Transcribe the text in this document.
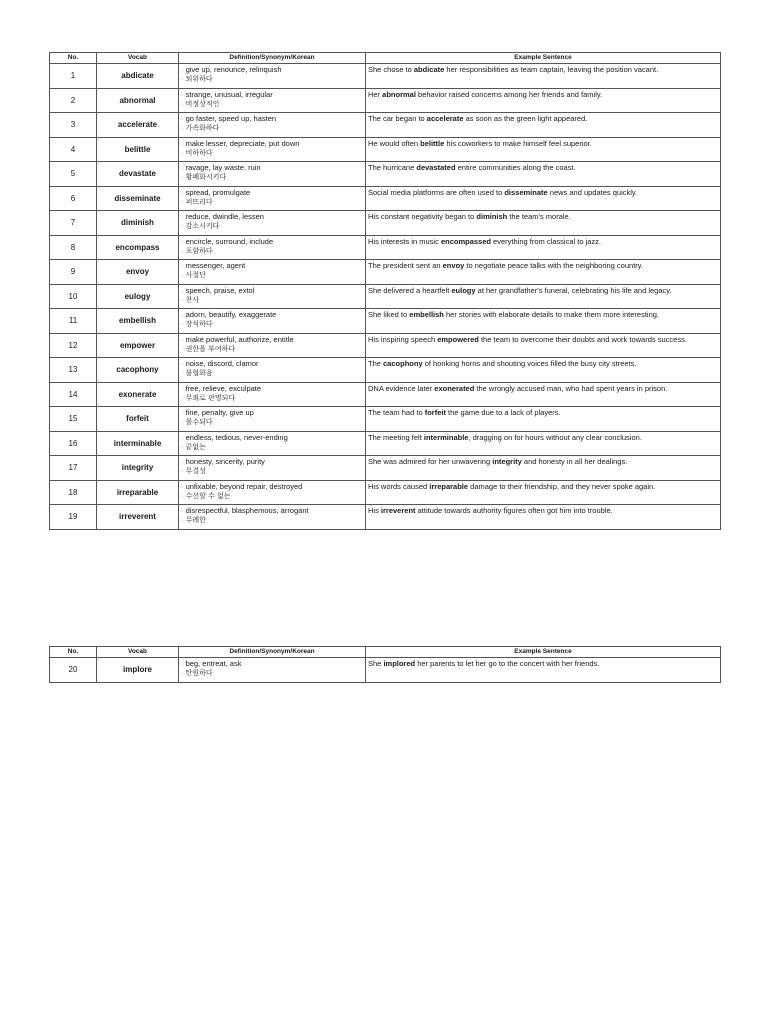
No.	Vocab	Definition/Synonym/Korean	Example Sentence
1	abdicate	· give up, renounce, relinquish
· 퇴위하다	She chose to abdicate her responsibilities as team captain, leaving the position vacant.
2	abnormal	· strange, unusual, irregular
· 비정상적인	Her abnormal behavior raised concerns among her friends and family.
3	accelerate	· go faster, speed up, hasten
· 가속화하다	The car began to accelerate as soon as the green light appeared.
4	belittle	· make lesser, depreciate, put down
· 비하하다	He would often belittle his coworkers to make himself feel superior.
5	devastate	· ravage, lay waste. ruin
· 황폐화시키다	The hurricane devastated entire communities along the coast.
6	disseminate	· spread, promulgate
· 퍼뜨리다	Social media platforms are often used to disseminate news and updates quickly.
7	diminish	· reduce, dwindle, lessen
· 감소시키다	His constant negativity began to diminish the team's morale.
8	encompass	· encircle, surround, include
· 포함하다	His interests in music encompassed everything from classical to jazz.
9	envoy	· messenger, agent
· 사절단	The president sent an envoy to negotiate peace talks with the neighboring country.
10	eulogy	· speech, praise, extol
· 찬사	She delivered a heartfelt eulogy at her grandfather's funeral, celebrating his life and legacy.
11	embellish	· adorn, beautify, exaggerate
· 장식하다	She liked to embellish her stories with elaborate details to make them more interesting.
12	empower	· make powerful, authorize, entitle
· 권한을 부여하다	His inspiring speech empowered the team to overcome their doubts and work towards success.
13	cacophony	· noise, discord, clamor
· 불협화음	The cacophony of honking horns and shouting voices filled the busy city streets.
14	exonerate	· free, relieve, exculpate
· 무죄로 판명되다	DNA evidence later exonerated the wrongly accused man, who had spent years in prison.
15	forfeit	· fine, penalty, give up
· 몰수되다	The team had to forfeit the game due to a lack of players.
16	interminable	· endless, tedious, never-ending
· 끝없는	The meeting felt interminable, dragging on for hours without any clear conclusion.
17	integrity	· honesty, sincerity, purity
· 무결성	She was admired for her unwavering integrity and honesty in all her dealings.
18	irreparable	· unfixable, beyond repair, destroyed
· 수선할 수 없는	His words caused irreparable damage to their friendship, and they never spoke again.
19	irreverent	· disrespectful, blasphemous, arrogant
· 무례한	His irreverent attitude towards authority figures often got him into trouble.
No.	Vocab	Definition/Synonym/Korean	Example Sentence
20	implore	· beg, entreat, ask
· 탄원하다	She implored her parents to let her go to the concert with her friends.
